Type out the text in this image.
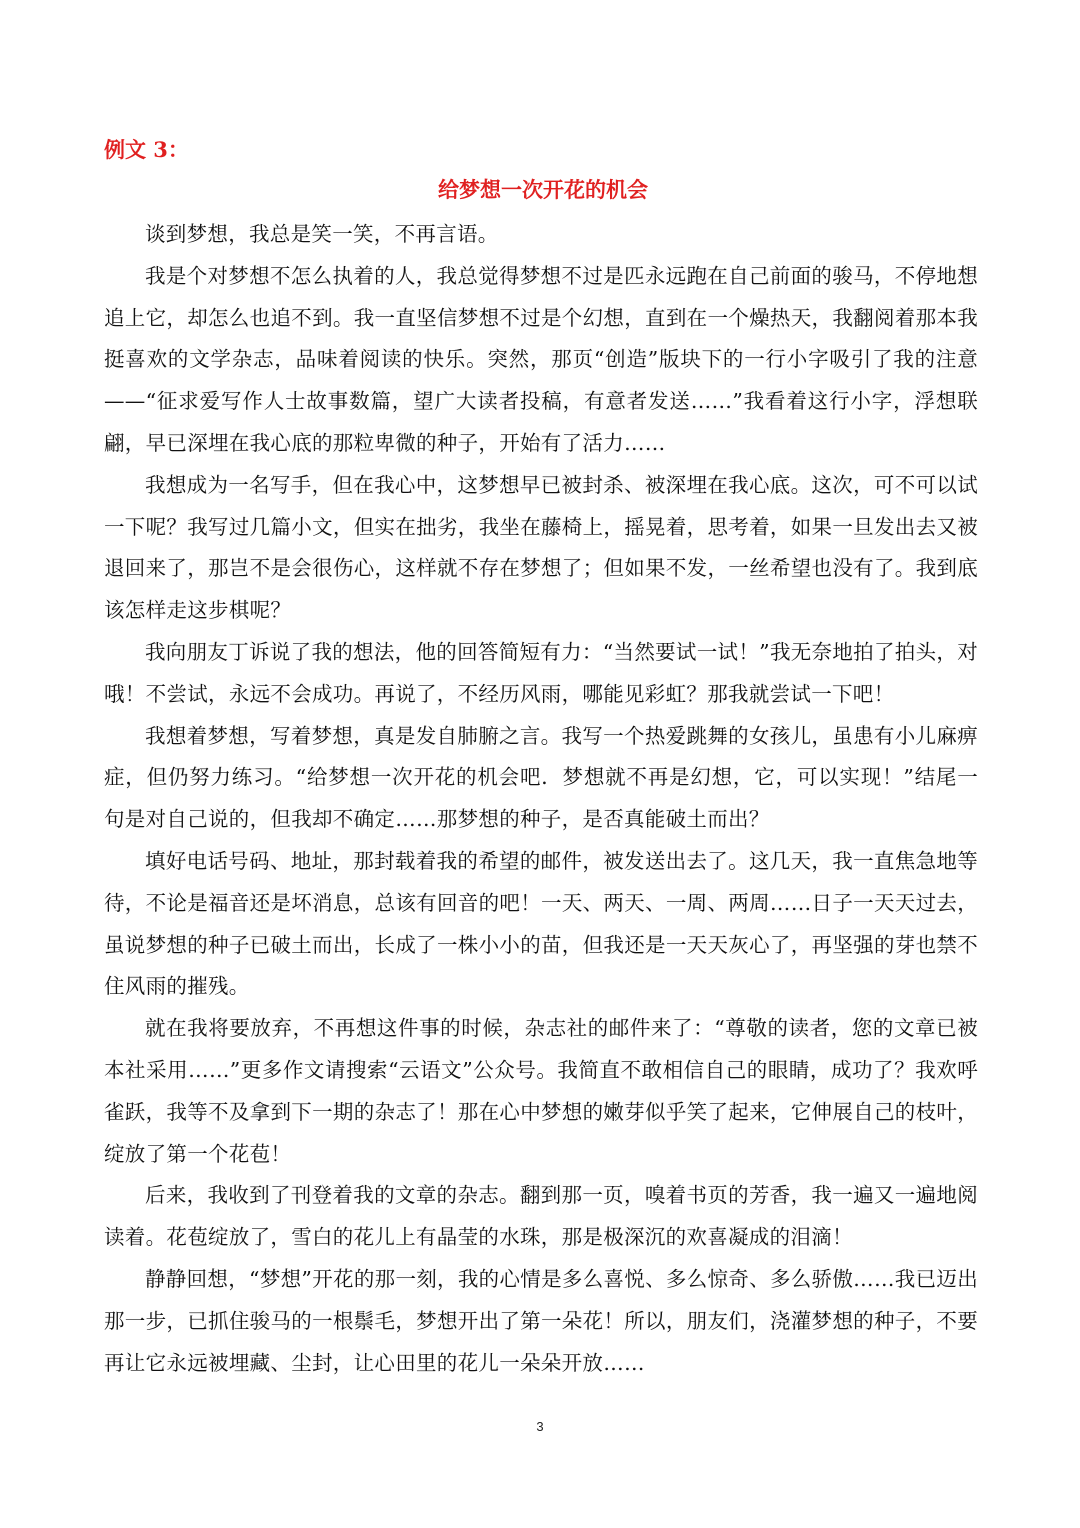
例文 3：

给梦想一次开花的机会

谈到梦想，我总是笑一笑，不再言语。

我是个对梦想不怎么执着的人，我总觉得梦想不过是匹永远跑在自己前面的骏马，不停地想追上它，却怎么也追不到。我一直坚信梦想不过是个幻想，直到在一个燥热天，我翻阅着那本我挺喜欢的文学杂志，品味着阅读的快乐。突然，那页“创造”版块下的一行小字吸引了我的注意——“征求爱写作人士故事数篇，望广大读者投稿，有意者发送……”我看着这行小字，浮想联翩，早已深埋在我心底的那粒卑微的种子，开始有了活力……

我想成为一名写手，但在我心中，这梦想早已被封杀、被深埋在我心底。这次，可不可以试一下呢？我写过几篇小文，但实在拙劣，我坐在藤椅上，摇晃着，思考着，如果一旦发出去又被退回来了，那岂不是会很伤心，这样就不存在梦想了；但如果不发，一丝希望也没有了。我到底该怎样走这步棋呢？

我向朋友丁诉说了我的想法，他的回答简短有力：“当然要试一试！”我无奈地拍了拍头，对哦！不尝试，永远不会成功。再说了，不经历风雨，哪能见彩虹？那我就尝试一下吧！

我想着梦想，写着梦想，真是发自肺腑之言。我写一个热爱跳舞的女孩儿，虽患有小儿麻痹症，但仍努力练习。“给梦想一次开花的机会吧．梦想就不再是幻想，它，可以实现！”结尾一句是对自己说的，但我却不确定……那梦想的种子，是否真能破土而出？

填好电话号码、地址，那封载着我的希望的邮件，被发送出去了。这几天，我一直焦急地等待，不论是福音还是坏消息，总该有回音的吧！一天、两天、一周、两周……日子一天天过去，虽说梦想的种子已破土而出，长成了一株小小的苗，但我还是一天天灰心了，再坚强的芽也禁不住风雨的摧残。

就在我将要放弃，不再想这件事的时候，杂志社的邮件来了：“尊敬的读者，您的文章已被本社采用……”更多作文请搜索“云语文”公众号。我简直不敢相信自己的眼睛，成功了？我欢呼雀跃，我等不及拿到下一期的杂志了！那在心中梦想的嫩芽似乎笑了起来，它伸展自己的枝叶，绽放了第一个花苞！

后来，我收到了刊登着我的文章的杂志。翻到那一页，嗅着书页的芳香，我一遍又一遍地阅读着。花苞绽放了，雪白的花儿上有晶莹的水珠，那是极深沉的欢喜凝成的泪滴！

静静回想，“梦想”开花的那一刻，我的心情是多么喜悦、多么惊奇、多么骄傲……我已迈出那一步，已抓住骏马的一根鬃毛，梦想开出了第一朵花！所以，朋友们，浇灌梦想的种子，不要再让它永远被埋藏、尘封，让心田里的花儿一朵朵开放……

3
